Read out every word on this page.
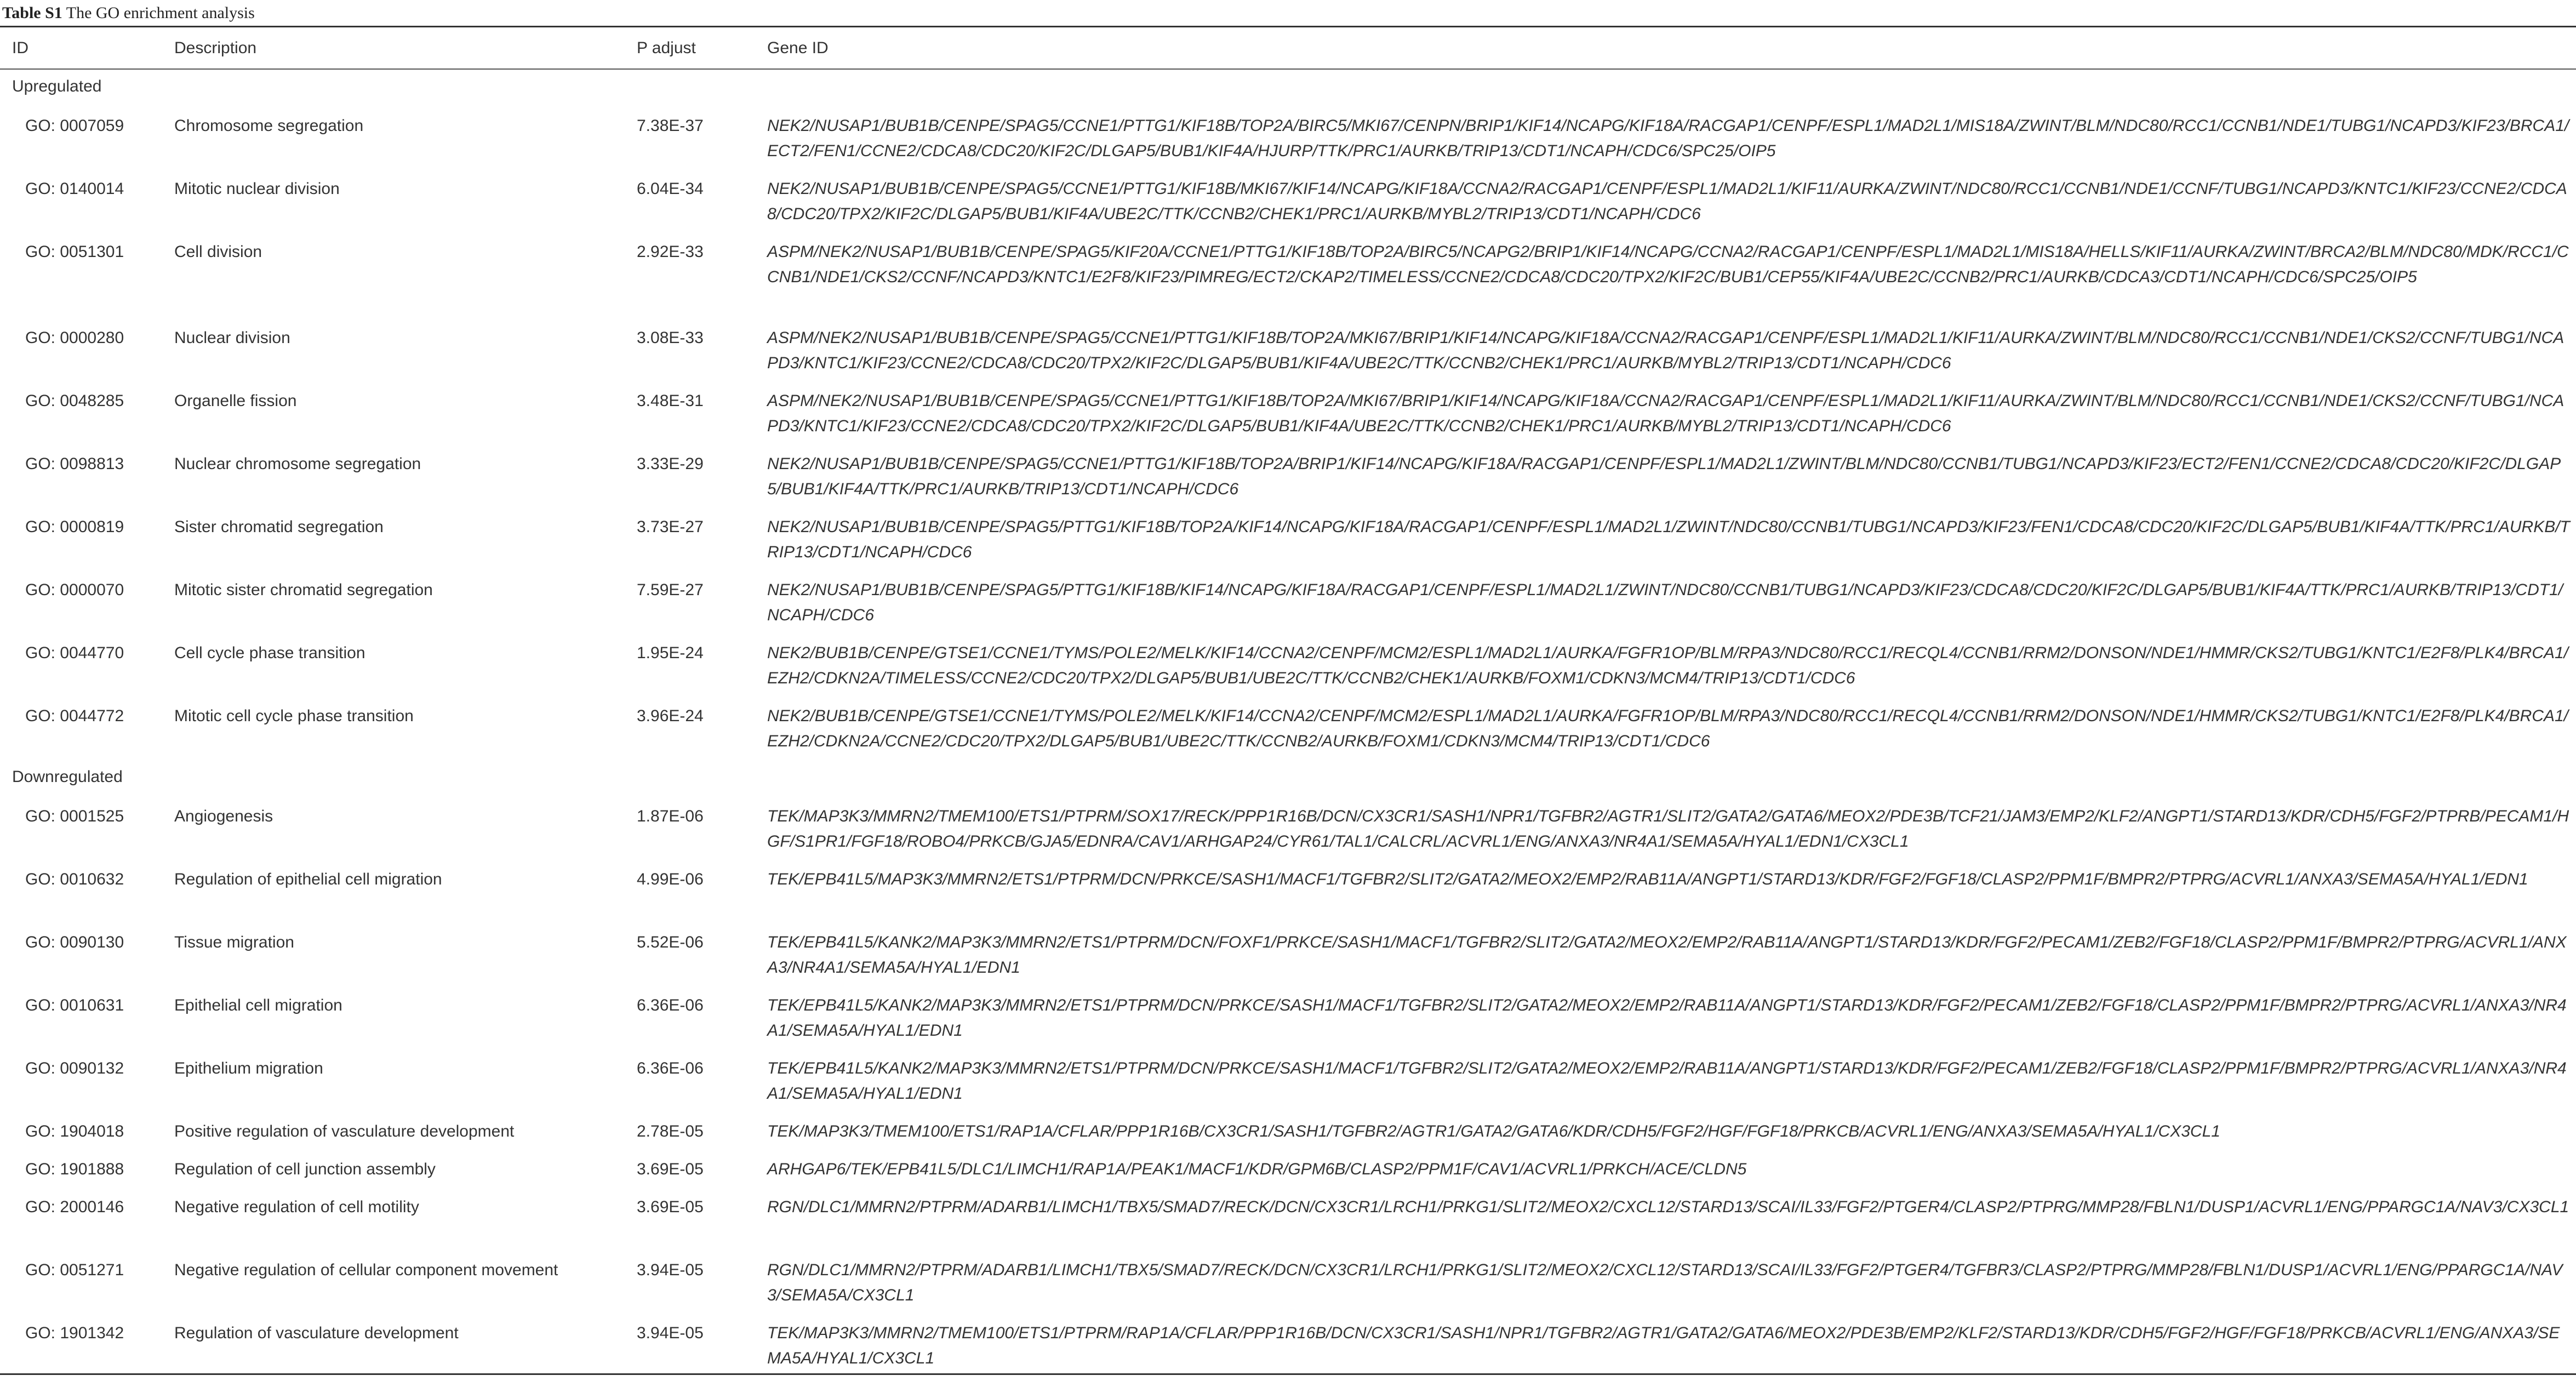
Table S1 The GO enrichment analysis
ID	Description	P adjust	Gene ID
Upregulated
GO: 0007059	Chromosome segregation	7.38E-37	NEK2/NUSAP1/BUB1B/CENPE/SPAG5/CCNE1/PTTG1/KIF18B/TOP2A/BIRC5/MKI67/CENPN/BRIP1/KIF14/NCAPG/KIF18A/RACGAP1/CENPF/ESPL1/MAD2L1/MIS18A/ZWINT/BLM/NDC80/RCC1/CCNB1/NDE1/TUBG1/NCAPD3/KIF23/BRCA1/ECT2/FEN1/CCNE2/CDCA8/CDC20/KIF2C/DLGAP5/BUB1/KIF4A/HJURP/TTK/PRC1/AURKB/TRIP13/CDT1/NCAPH/CDC6/SPC25/OIP5
GO: 0140014	Mitotic nuclear division	6.04E-34	NEK2/NUSAP1/BUB1B/CENPE/SPAG5/CCNE1/PTTG1/KIF18B/MKI67/KIF14/NCAPG/KIF18A/CCNA2/RACGAP1/CENPF/ESPL1/MAD2L1/KIF11/AURKA/ZWINT/NDC80/RCC1/CCNB1/NDE1/CCNF/TUBG1/NCAPD3/KNTC1/KIF23/CCNE2/CDCA8/CDC20/TPX2/KIF2C/DLGAP5/BUB1/KIF4A/UBE2C/TTK/CCNB2/CHEK1/PRC1/AURKB/MYBL2/TRIP13/CDT1/NCAPH/CDC6
GO: 0051301	Cell division	2.92E-33	ASPM/NEK2/NUSAP1/BUB1B/CENPE/SPAG5/KIF20A/CCNE1/PTTG1/KIF18B/TOP2A/BIRC5/NCAPG2/BRIP1/KIF14/NCAPG/CCNA2/RACGAP1/CENPF/ESPL1/MAD2L1/MIS18A/HELLS/KIF11/AURKA/ZWINT/BRCA2/BLM/NDC80/MDK/RCC1/CCNB1/NDE1/CKS2/CCNF/NCAPD3/KNTC1/E2F8/KIF23/PIMREG/ECT2/CKAP2/TIMELESS/CCNE2/CDCA8/CDC20/TPX2/KIF2C/BUB1/CEP55/KIF4A/UBE2C/CCNB2/PRC1/AURKB/CDCA3/CDT1/NCAPH/CDC6/SPC25/OIP5
GO: 0000280	Nuclear division	3.08E-33	ASPM/NEK2/NUSAP1/BUB1B/CENPE/SPAG5/CCNE1/PTTG1/KIF18B/TOP2A/MKI67/BRIP1/KIF14/NCAPG/KIF18A/CCNA2/RACGAP1/CENPF/ESPL1/MAD2L1/KIF11/AURKA/ZWINT/BLM/NDC80/RCC1/CCNB1/NDE1/CKS2/CCNF/TUBG1/NCAPD3/KNTC1/KIF23/CCNE2/CDCA8/CDC20/TPX2/KIF2C/DLGAP5/BUB1/KIF4A/UBE2C/TTK/CCNB2/CHEK1/PRC1/AURKB/MYBL2/TRIP13/CDT1/NCAPH/CDC6
GO: 0048285	Organelle fission	3.48E-31	ASPM/NEK2/NUSAP1/BUB1B/CENPE/SPAG5/CCNE1/PTTG1/KIF18B/TOP2A/MKI67/BRIP1/KIF14/NCAPG/KIF18A/CCNA2/RACGAP1/CENPF/ESPL1/MAD2L1/KIF11/AURKA/ZWINT/BLM/NDC80/RCC1/CCNB1/NDE1/CKS2/CCNF/TUBG1/NCAPD3/KNTC1/KIF23/CCNE2/CDCA8/CDC20/TPX2/KIF2C/DLGAP5/BUB1/KIF4A/UBE2C/TTK/CCNB2/CHEK1/PRC1/AURKB/MYBL2/TRIP13/CDT1/NCAPH/CDC6
GO: 0098813	Nuclear chromosome segregation	3.33E-29	NEK2/NUSAP1/BUB1B/CENPE/SPAG5/CCNE1/PTTG1/KIF18B/TOP2A/BRIP1/KIF14/NCAPG/KIF18A/RACGAP1/CENPF/ESPL1/MAD2L1/ZWINT/BLM/NDC80/CCNB1/TUBG1/NCAPD3/KIF23/ECT2/FEN1/CCNE2/CDCA8/CDC20/KIF2C/DLGAP5/BUB1/KIF4A/TTK/PRC1/AURKB/TRIP13/CDT1/NCAPH/CDC6
GO: 0000819	Sister chromatid segregation	3.73E-27	NEK2/NUSAP1/BUB1B/CENPE/SPAG5/PTTG1/KIF18B/TOP2A/KIF14/NCAPG/KIF18A/RACGAP1/CENPF/ESPL1/MAD2L1/ZWINT/NDC80/CCNB1/TUBG1/NCAPD3/KIF23/FEN1/CDCA8/CDC20/KIF2C/DLGAP5/BUB1/KIF4A/TTK/PRC1/AURKB/TRIP13/CDT1/NCAPH/CDC6
GO: 0000070	Mitotic sister chromatid segregation	7.59E-27	NEK2/NUSAP1/BUB1B/CENPE/SPAG5/PTTG1/KIF18B/KIF14/NCAPG/KIF18A/RACGAP1/CENPF/ESPL1/MAD2L1/ZWINT/NDC80/CCNB1/TUBG1/NCAPD3/KIF23/CDCA8/CDC20/KIF2C/DLGAP5/BUB1/KIF4A/TTK/PRC1/AURKB/TRIP13/CDT1/NCAPH/CDC6
GO: 0044770	Cell cycle phase transition	1.95E-24	NEK2/BUB1B/CENPE/GTSE1/CCNE1/TYMS/POLE2/MELK/KIF14/CCNA2/CENPF/MCM2/ESPL1/MAD2L1/AURKA/FGFR1OP/BLM/RPA3/NDC80/RCC1/RECQL4/CCNB1/RRM2/DONSON/NDE1/HMMR/CKS2/TUBG1/KNTC1/E2F8/PLK4/BRCA1/EZH2/CDKN2A/TIMELESS/CCNE2/CDC20/TPX2/DLGAP5/BUB1/UBE2C/TTK/CCNB2/CHEK1/AURKB/FOXM1/CDKN3/MCM4/TRIP13/CDT1/CDC6
GO: 0044772	Mitotic cell cycle phase transition	3.96E-24	NEK2/BUB1B/CENPE/GTSE1/CCNE1/TYMS/POLE2/MELK/KIF14/CCNA2/CENPF/MCM2/ESPL1/MAD2L1/AURKA/FGFR1OP/BLM/RPA3/NDC80/RCC1/RECQL4/CCNB1/RRM2/DONSON/NDE1/HMMR/CKS2/TUBG1/KNTC1/E2F8/PLK4/BRCA1/EZH2/CDKN2A/CCNE2/CDC20/TPX2/DLGAP5/BUB1/UBE2C/TTK/CCNB2/AURKB/FOXM1/CDKN3/MCM4/TRIP13/CDT1/CDC6
Downregulated
GO: 0001525	Angiogenesis	1.87E-06	TEK/MAP3K3/MMRN2/TMEM100/ETS1/PTPRM/SOX17/RECK/PPP1R16B/DCN/CX3CR1/SASH1/NPR1/TGFBR2/AGTR1/SLIT2/GATA2/GATA6/MEOX2/PDE3B/TCF21/JAM3/EMP2/KLF2/ANGPT1/STARD13/KDR/CDH5/FGF2/PTPRB/PECAM1/HGF/S1PR1/FGF18/ROBO4/PRKCB/GJA5/EDNRA/CAV1/ARHGAP24/CYR61/TAL1/CALCRL/ACVRL1/ENG/ANXA3/NR4A1/SEMA5A/HYAL1/EDN1/CX3CL1
GO: 0010632	Regulation of epithelial cell migration	4.99E-06	TEK/EPB41L5/MAP3K3/MMRN2/ETS1/PTPRM/DCN/PRKCE/SASH1/MACF1/TGFBR2/SLIT2/GATA2/MEOX2/EMP2/RAB11A/ANGPT1/STARD13/KDR/FGF2/FGF18/CLASP2/PPM1F/BMPR2/PTPRG/ACVRL1/ANXA3/SEMA5A/HYAL1/EDN1
GO: 0090130	Tissue migration	5.52E-06	TEK/EPB41L5/KANK2/MAP3K3/MMRN2/ETS1/PTPRM/DCN/FOXF1/PRKCE/SASH1/MACF1/TGFBR2/SLIT2/GATA2/MEOX2/EMP2/RAB11A/ANGPT1/STARD13/KDR/FGF2/PECAM1/ZEB2/FGF18/CLASP2/PPM1F/BMPR2/PTPRG/ACVRL1/ANXA3/NR4A1/SEMA5A/HYAL1/EDN1
GO: 0010631	Epithelial cell migration	6.36E-06	TEK/EPB41L5/KANK2/MAP3K3/MMRN2/ETS1/PTPRM/DCN/PRKCE/SASH1/MACF1/TGFBR2/SLIT2/GATA2/MEOX2/EMP2/RAB11A/ANGPT1/STARD13/KDR/FGF2/PECAM1/ZEB2/FGF18/CLASP2/PPM1F/BMPR2/PTPRG/ACVRL1/ANXA3/NR4A1/SEMA5A/HYAL1/EDN1
GO: 0090132	Epithelium migration	6.36E-06	TEK/EPB41L5/KANK2/MAP3K3/MMRN2/ETS1/PTPRM/DCN/PRKCE/SASH1/MACF1/TGFBR2/SLIT2/GATA2/MEOX2/EMP2/RAB11A/ANGPT1/STARD13/KDR/FGF2/PECAM1/ZEB2/FGF18/CLASP2/PPM1F/BMPR2/PTPRG/ACVRL1/ANXA3/NR4A1/SEMA5A/HYAL1/EDN1
GO: 1904018	Positive regulation of vasculature development	2.78E-05	TEK/MAP3K3/TMEM100/ETS1/RAP1A/CFLAR/PPP1R16B/CX3CR1/SASH1/TGFBR2/AGTR1/GATA2/GATA6/KDR/CDH5/FGF2/HGF/FGF18/PRKCB/ACVRL1/ENG/ANXA3/SEMA5A/HYAL1/CX3CL1
GO: 1901888	Regulation of cell junction assembly	3.69E-05	ARHGAP6/TEK/EPB41L5/DLC1/LIMCH1/RAP1A/PEAK1/MACF1/KDR/GPM6B/CLASP2/PPM1F/CAV1/ACVRL1/PRKCH/ACE/CLDN5
GO: 2000146	Negative regulation of cell motility	3.69E-05	RGN/DLC1/MMRN2/PTPRM/ADARB1/LIMCH1/TBX5/SMAD7/RECK/DCN/CX3CR1/LRCH1/PRKG1/SLIT2/MEOX2/CXCL12/STARD13/SCAI/IL33/FGF2/PTGER4/CLASP2/PTPRG/MMP28/FBLN1/DUSP1/ACVRL1/ENG/PPARGC1A/NAV3/CX3CL1
GO: 0051271	Negative regulation of cellular component movement	3.94E-05	RGN/DLC1/MMRN2/PTPRM/ADARB1/LIMCH1/TBX5/SMAD7/RECK/DCN/CX3CR1/LRCH1/PRKG1/SLIT2/MEOX2/CXCL12/STARD13/SCAI/IL33/FGF2/PTGER4/TGFBR3/CLASP2/PTPRG/MMP28/FBLN1/DUSP1/ACVRL1/ENG/PPARGC1A/NAV3/SEMA5A/CX3CL1
GO: 1901342	Regulation of vasculature development	3.94E-05	TEK/MAP3K3/MMRN2/TMEM100/ETS1/PTPRM/RAP1A/CFLAR/PPP1R16B/DCN/CX3CR1/SASH1/NPR1/TGFBR2/AGTR1/GATA2/GATA6/MEOX2/PDE3B/EMP2/KLF2/STARD13/KDR/CDH5/FGF2/HGF/FGF18/PRKCB/ACVRL1/ENG/ANXA3/SEMA5A/HYAL1/CX3CL1
